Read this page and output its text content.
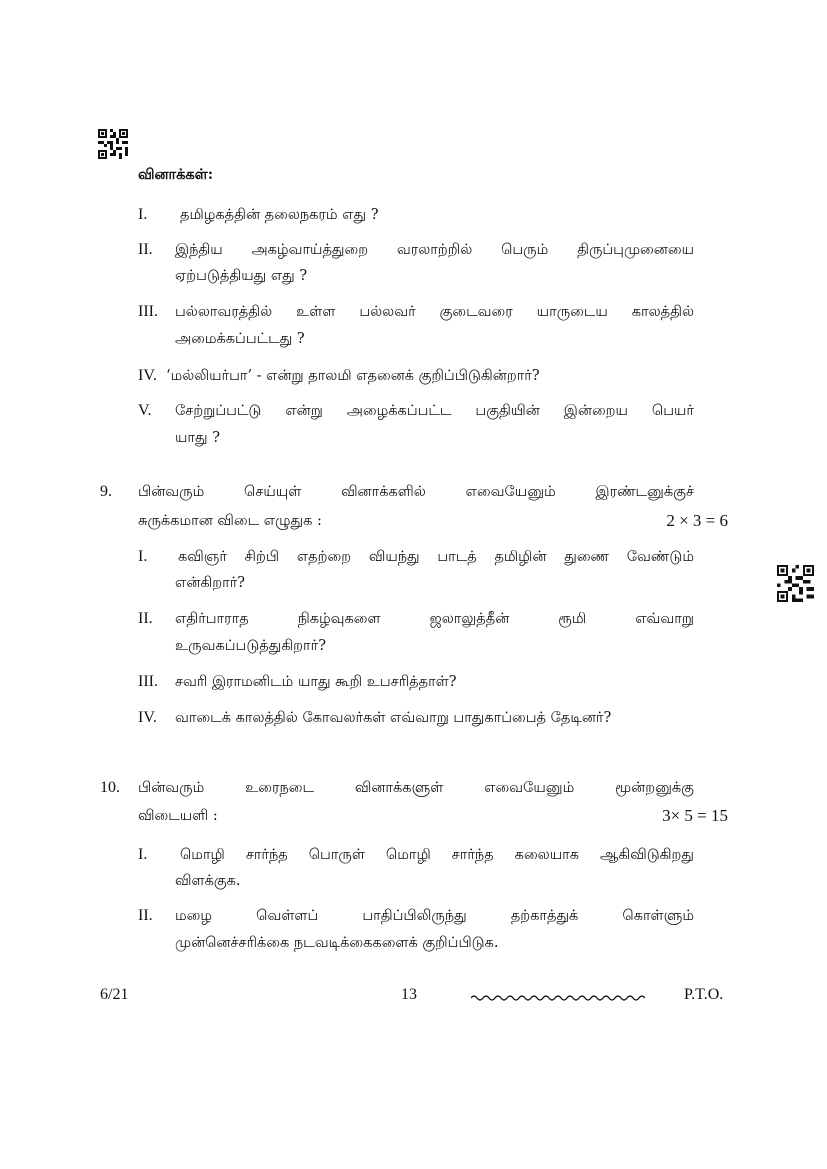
வினாக்கள்:
I. தமிழகத்தின் தலைநகரம் எது ?
II. இந்திய அகழ்வாய்த்துறை வரலாற்றில் பெரும் திருப்புமுனையை
ஏற்படுத்தியது எது ?
III. பல்லாவரத்தில் உள்ள பல்லவர் குடைவரை யாருடைய காலத்தில்
அமைக்கப்பட்டது ?
IV. ‘மல்லியர்பா’ - என்று தாலமி எதனைக் குறிப்பிடுகின்றார்?
V. சேற்றுப்பட்டு என்று அழைக்கப்பட்ட பகுதியின் இன்றைய பெயர்
யாது ?
9. பின்வரும் செய்யுள் வினாக்களில் எவையேனும் இரண்டனுக்குச்
சுருக்கமான விடை எழுதுக :	2 × 3 = 6
I. கவிஞர் சிற்பி எதற்றை வியந்து பாடத் தமிழின் துணை வேண்டும்
என்கிறார்?
II. எதிர்பாராத நிகழ்வுகளை ஜலாலுத்தீன் ரூமி எவ்வாறு
உருவகப்படுத்துகிறார்?
III. சவரி இராமனிடம் யாது கூறி உபசரித்தாள்?
IV. வாடைக் காலத்தில் கோவலர்கள் எவ்வாறு பாதுகாப்பைத் தேடினர்?
10. பின்வரும் உரைநடை வினாக்களுள் எவையேனும் மூன்றனுக்கு
விடையளி :	3× 5 = 15
I. மொழி சார்ந்த பொருள் மொழி சார்ந்த கலையாக ஆகிவிடுகிறது
விளக்குக.
II. மழை வெள்ளப் பாதிப்பிலிருந்து தற்காத்துக் கொள்ளும்
முன்னெச்சரிக்கை நடவடிக்கைகளைக் குறிப்பிடுக.
6/21	13	P.T.O.
